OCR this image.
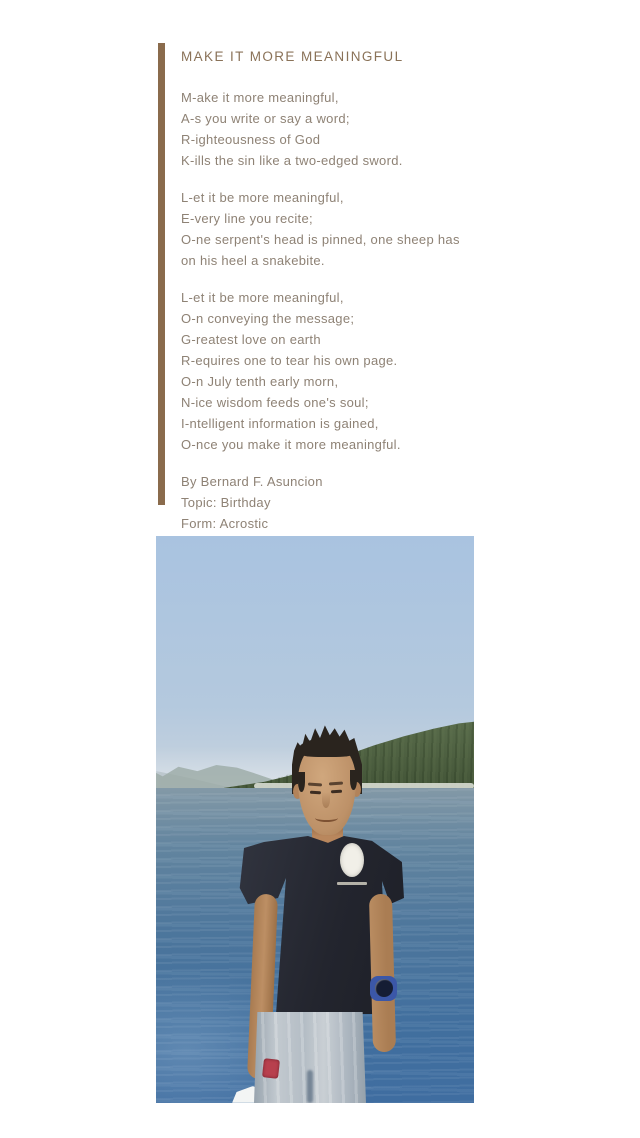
MAKE IT MORE MEANINGFUL
M-ake it more meaningful,
A-s you write or say a word;
R-ighteousness of God
K-ills the sin like a two-edged sword.
L-et it be more meaningful,
E-very line you recite;
O-ne serpent's head is pinned, one sheep has
on his heel a snakebite.
L-et it be more meaningful,
O-n conveying the message;
G-reatest love on earth
R-equires one to tear his own page.
O-n July tenth early morn,
N-ice wisdom feeds one's soul;
I-ntelligent information is gained,
O-nce you make it more meaningful.
By Bernard F. Asuncion
Topic: Birthday
Form: Acrostic
